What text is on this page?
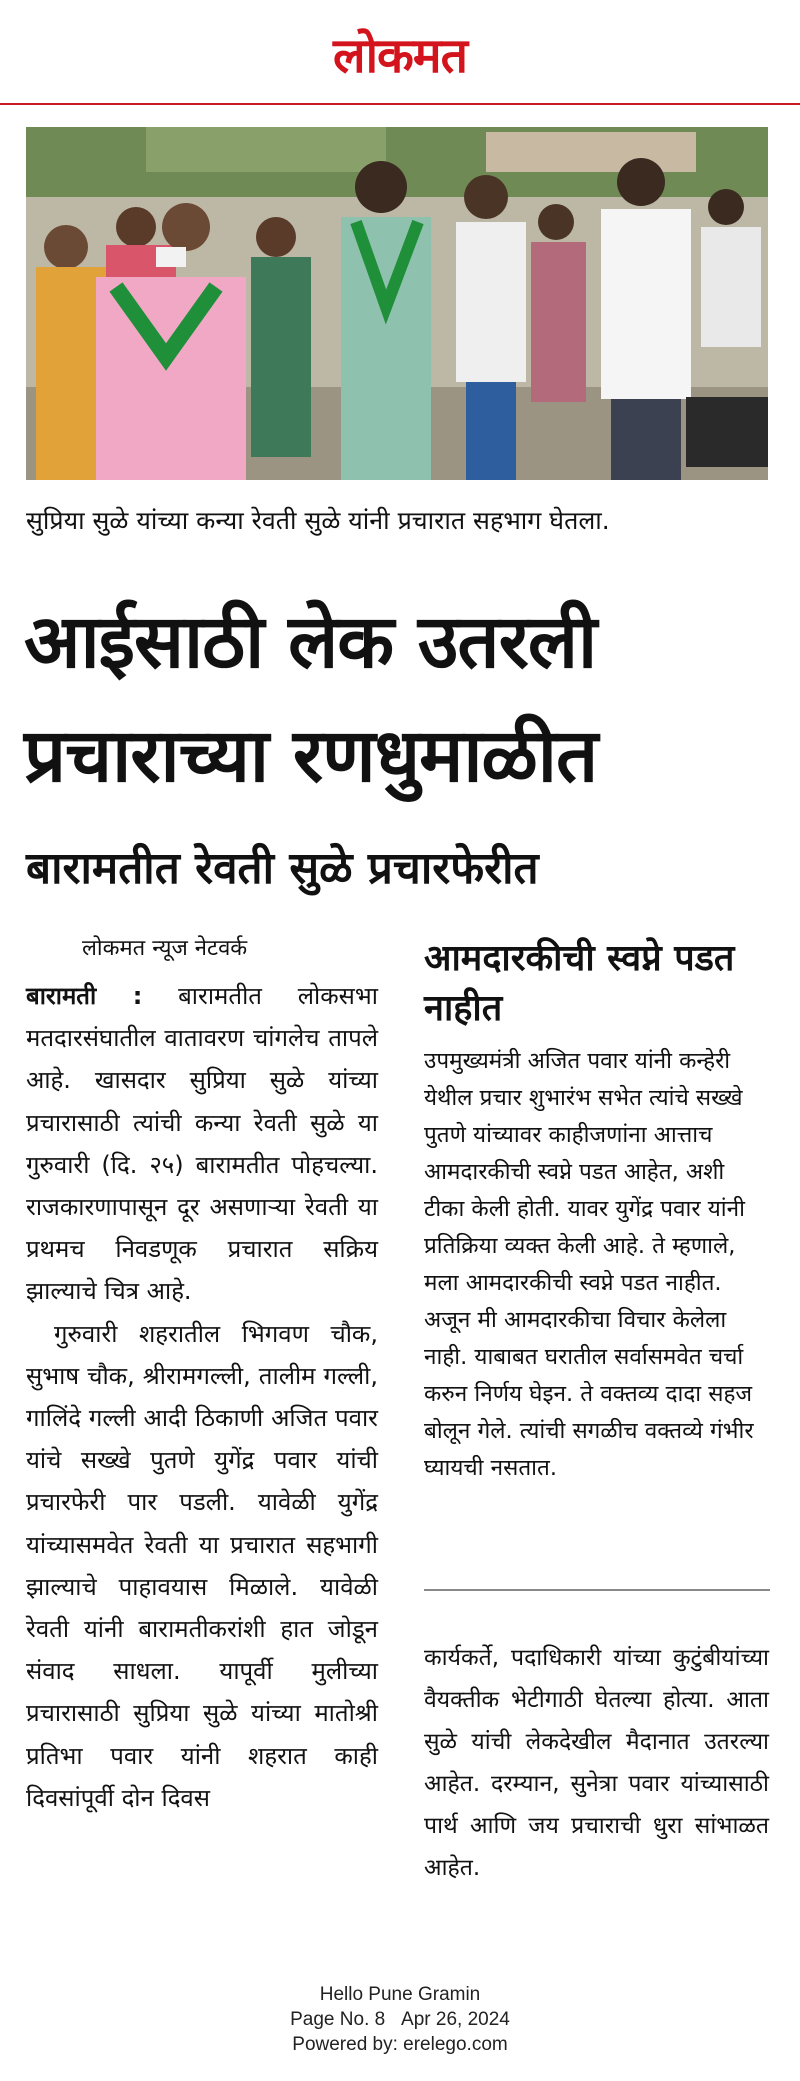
लोकमत
सुप्रिया सुळे यांच्या कन्या रेवती सुळे यांनी प्रचारात सहभाग घेतला.
आईसाठी लेक उतरली
प्रचाराच्या रणधुमाळीत
बारामतीत रेवती सुळे प्रचारफेरीत
लोकमत न्यूज नेटवर्क

बारामती : बारामतीत लोकसभा मतदारसंघातील वातावरण चांगलेच तापले आहे. खासदार सुप्रिया सुळे यांच्या प्रचारासाठी त्यांची कन्या रेवती सुळे या गुरुवारी (दि. २५) बारामतीत पोहचल्या. राजकारणापासून दूर असणाऱ्या रेवती या प्रथमच निवडणूक प्रचारात सक्रिय झाल्याचे चित्र आहे.

गुरुवारी शहरातील भिगवण चौक, सुभाष चौक, श्रीरामगल्ली, तालीम गल्ली, गालिंदे गल्ली आदी ठिकाणी अजित पवार यांचे सख्खे पुतणे युगेंद्र पवार यांची प्रचारफेरी पार पडली. यावेळी युगेंद्र यांच्यासमवेत रेवती या प्रचारात सहभागी झाल्याचे पाहावयास मिळाले. यावेळी रेवती यांनी बारामतीकरांशी हात जोडून संवाद साधला. यापूर्वी मुलीच्या प्रचारासाठी सुप्रिया सुळे यांच्या मातोश्री प्रतिभा पवार यांनी शहरात काही दिवसांपूर्वी दोन दिवस

आमदारकीची स्वप्ने पडत नाहीत

उपमुख्यमंत्री अजित पवार यांनी कन्हेरी येथील प्रचार शुभारंभ सभेत त्यांचे सख्खे पुतणे यांच्यावर काहीजणांना आत्ताच आमदारकीची स्वप्ने पडत आहेत, अशी टीका केली होती. यावर युगेंद्र पवार यांनी प्रतिक्रिया व्यक्त केली आहे. ते म्हणाले, मला आमदारकीची स्वप्ने पडत नाहीत. अजून मी आमदारकीचा विचार केलेला नाही. याबाबत घरातील सर्वासमवेत चर्चा करुन निर्णय घेइन. ते वक्तव्य दादा सहज बोलून गेले. त्यांची सगळीच वक्तव्ये गंभीर घ्यायची नसतात.

कार्यकर्ते, पदाधिकारी यांच्या कुटुंबीयांच्या वैयक्तीक भेटीगाठी घेतल्या होत्या. आता सुळे यांची लेकदेखील मैदानात उतरल्या आहेत. दरम्यान, सुनेत्रा पवार यांच्यासाठी पार्थ आणि जय प्रचाराची धुरा सांभाळत आहेत.

Hello Pune Gramin
Page No. 8 Apr 26, 2024
Powered by: erelego.com
